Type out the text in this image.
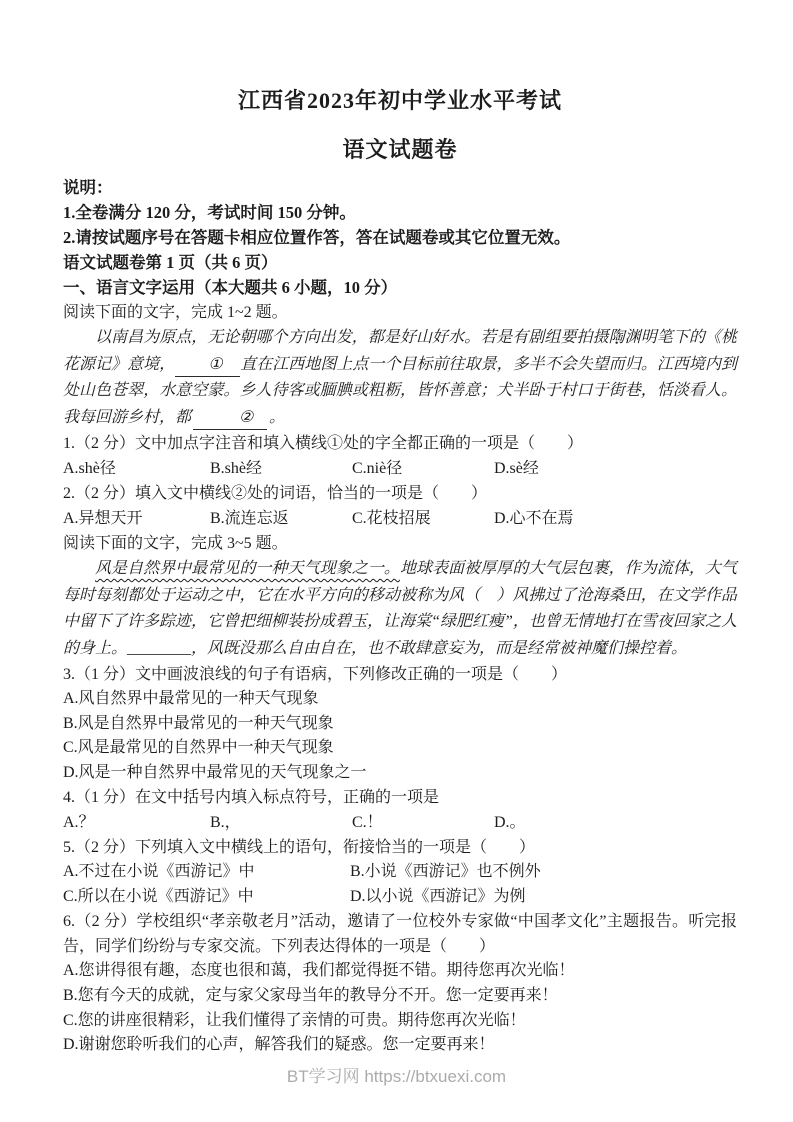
江西省2023年初中学业水平考试
语文试题卷

说明：

1.全卷满分 120 分，考试时间 150 分钟。

2.请按试题序号在答题卡相应位置作答，答在试题卷或其它位置无效。

语文试题卷第 1 页（共 6 页）

一、语言文字运用（本大题共 6 小题，10 分）

阅读下面的文字，完成 1~2 题。

以南昌为原点，无论朝哪个方向出发，都是好山好水。若是有剧组要拍摄陶渊明笔下的《桃花源记》意境， ① 直在江西地图上点一个目标前往取景，多半不会失望而归。江西境内到处山色苍翠，水意空蒙。乡人待客或腼腆或粗粝，皆怀善意；犬半卧于村口于街巷，恬淡看人。我每回游乡村，都	② 。

1.（2 分）文中加点字注音和填入横线①处的字全都正确的一项是（　　）

A.shè径	B.shè经	C.niè径	D.sè经

2.（2 分）填入文中横线②处的词语，恰当的一项是（　　）

A.异想天开	B.流连忘返	C.花枝招展	D.心不在焉

阅读下面的文字，完成 3~5 题。

风是自然界中最常见的一种天气现象之一。地球表面被厚厚的大气层包裹，作为流体，大气每时每刻都处于运动之中，它在水平方向的移动被称为风（　）风拂过了沧海桑田，在文学作品中留下了许多踪迹，它曾把细柳装扮成碧玉，让海棠“绿肥红瘦”，也曾无情地打在雪夜回家之人的身上。________，风既没那么自由自在，也不敢肆意妄为，而是经常被神魔们操控着。

3.（1 分）文中画波浪线的句子有语病，下列修改正确的一项是（　　）

A.风自然界中最常见的一种天气现象
B.风是自然界中最常见的一种天气现象
C.风是最常见的自然界中一种天气现象
D.风是一种自然界中最常见的天气现象之一

4.（1 分）在文中括号内填入标点符号，正确的一项是

A.？	B.，	C.！	D.。

5.（2 分）下列填入文中横线上的语句，衔接恰当的一项是（　　）

A.不过在小说《西游记》中	B.小说《西游记》也不例外
C.所以在小说《西游记》中	D.以小说《西游记》为例

6.（2 分）学校组织“孝亲敬老月”活动，邀请了一位校外专家做“中国孝文化”主题报告。听完报告，同学们纷纷与专家交流。下列表达得体的一项是（　　）

A.您讲得很有趣，态度也很和蔼，我们都觉得挺不错。期待您再次光临！
B.您有今天的成就，定与家父家母当年的教导分不开。您一定要再来！
C.您的讲座很精彩，让我们懂得了亲情的可贵。期待您再次光临！
D.谢谢您聆听我们的心声，解答我们的疑惑。您一定要再来！
BT学习网 https://btxuexi.com
